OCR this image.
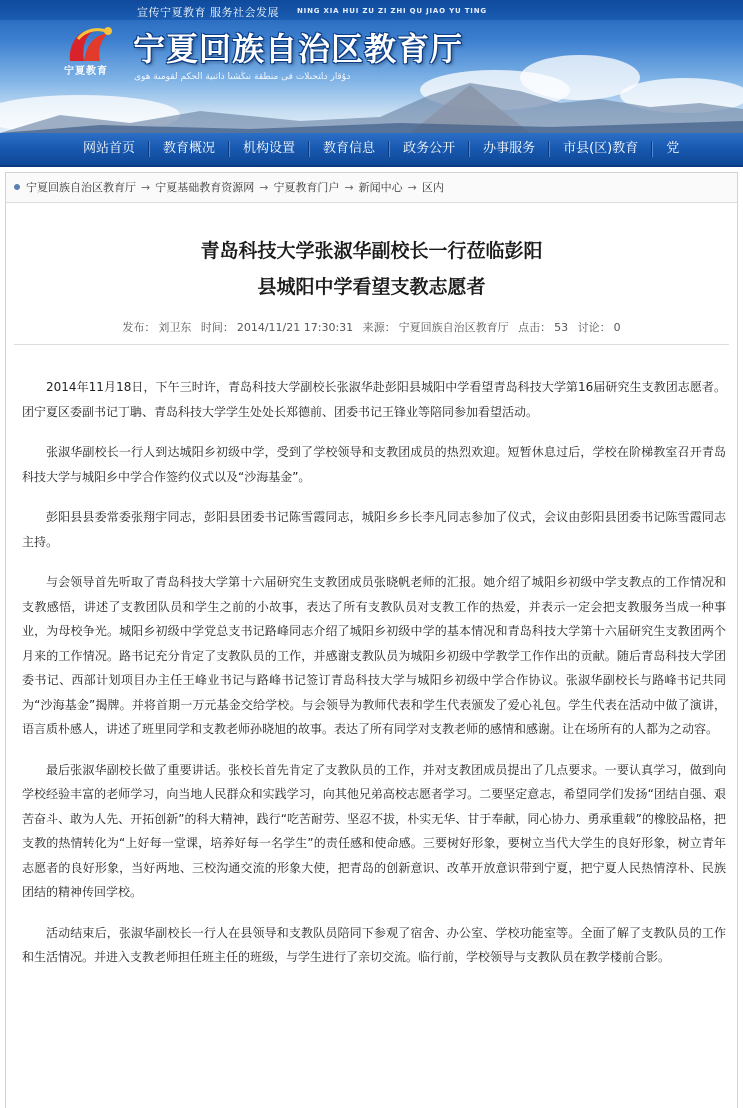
宣传宁夏教育 服务社会发展	NING XIA HUI ZU ZI ZHI QU JIAO YU TING
宁夏教育
宁夏回族自治区教育厅
ﺩﯘﻗﺍﺭ ﺩﺎﺘﺤﯩﻠﺎﺕ ﻓﻰ ﻣﻨﻄﻘﺔ ﻧﯩﯖﺸﯩﺎ ﺫﺍﺗﯩﻴﺔ ﺍﻟﺤﻜﻢ ﻟﻘﻮﻣﯩﺔ ﻫﻮﻯ
网站首页 教育概况 机构设置 教育信息 政务公开 办事服务 市县(区)教育 党
宁夏回族自治区教育厅 → 宁夏基础教育资源网 → 宁夏教育门户 → 新闻中心 → 区内
青岛科技大学张淑华副校长一行莅临彭阳
县城阳中学看望支教志愿者
发布： 刘卫东 时间： 2014/11/21 17:30:31 来源： 宁夏回族自治区教育厅 点击： 53 讨论： 0

2014年11月18日，下午三时许，青岛科技大学副校长张淑华赴彭阳县城阳中学看望青岛科技大学第16届研究生支教团志愿者。团宁夏区委副书记丁聃、青岛科技大学学生处处长郑德前、团委书记王锋业等陪同参加看望活动。

张淑华副校长一行人到达城阳乡初级中学，受到了学校领导和支教团成员的热烈欢迎。短暂休息过后，学校在阶梯教室召开青岛科技大学与城阳乡中学合作签约仪式以及“沙海基金”。

彭阳县县委常委张翔宇同志，彭阳县团委书记陈雪霞同志，城阳乡乡长李凡同志参加了仪式，会议由彭阳县团委书记陈雪霞同志主持。

与会领导首先听取了青岛科技大学第十六届研究生支教团成员张晓帆老师的汇报。她介绍了城阳乡初级中学支教点的工作情况和支教感悟，讲述了支教团队员和学生之前的小故事，表达了所有支教队员对支教工作的热爱，并表示一定会把支教服务当成一种事业，为母校争光。城阳乡初级中学党总支书记路峰同志介绍了城阳乡初级中学的基本情况和青岛科技大学第十六届研究生支教团两个月来的工作情况。路书记充分肯定了支教队员的工作，并感谢支教队员为城阳乡初级中学教学工作作出的贡献。随后青岛科技大学团委书记、西部计划项目办主任王峰业书记与路峰书记签订青岛科技大学与城阳乡初级中学合作协议。张淑华副校长与路峰书记共同为“沙海基金”揭牌。并将首期一万元基金交给学校。与会领导为教师代表和学生代表颁发了爱心礼包。学生代表在活动中做了演讲，语言质朴感人，讲述了班里同学和支教老师孙晓旭的故事。表达了所有同学对支教老师的感情和感谢。让在场所有的人都为之动容。

最后张淑华副校长做了重要讲话。张校长首先肯定了支教队员的工作，并对支教团成员提出了几点要求。一要认真学习，做到向学校经验丰富的老师学习，向当地人民群众和实践学习，向其他兄弟高校志愿者学习。二要坚定意志，希望同学们发扬“团结自强、艰苦奋斗、敢为人先、开拓创新”的科大精神，践行“吃苦耐劳、坚忍不拔，朴实无华、甘于奉献，同心协力、勇承重载”的橡胶品格，把支教的热情转化为“上好每一堂课，培养好每一名学生”的责任感和使命感。三要树好形象，要树立当代大学生的良好形象，树立青年志愿者的良好形象，当好两地、三校沟通交流的形象大使，把青岛的创新意识、改革开放意识带到宁夏，把宁夏人民热情淳朴、民族团结的精神传回学校。

活动结束后，张淑华副校长一行人在县领导和支教队员陪同下参观了宿舍、办公室、学校功能室等。全面了解了支教队员的工作和生活情况。并进入支教老师担任班主任的班级，与学生进行了亲切交流。临行前，学校领导与支教队员在教学楼前合影。
